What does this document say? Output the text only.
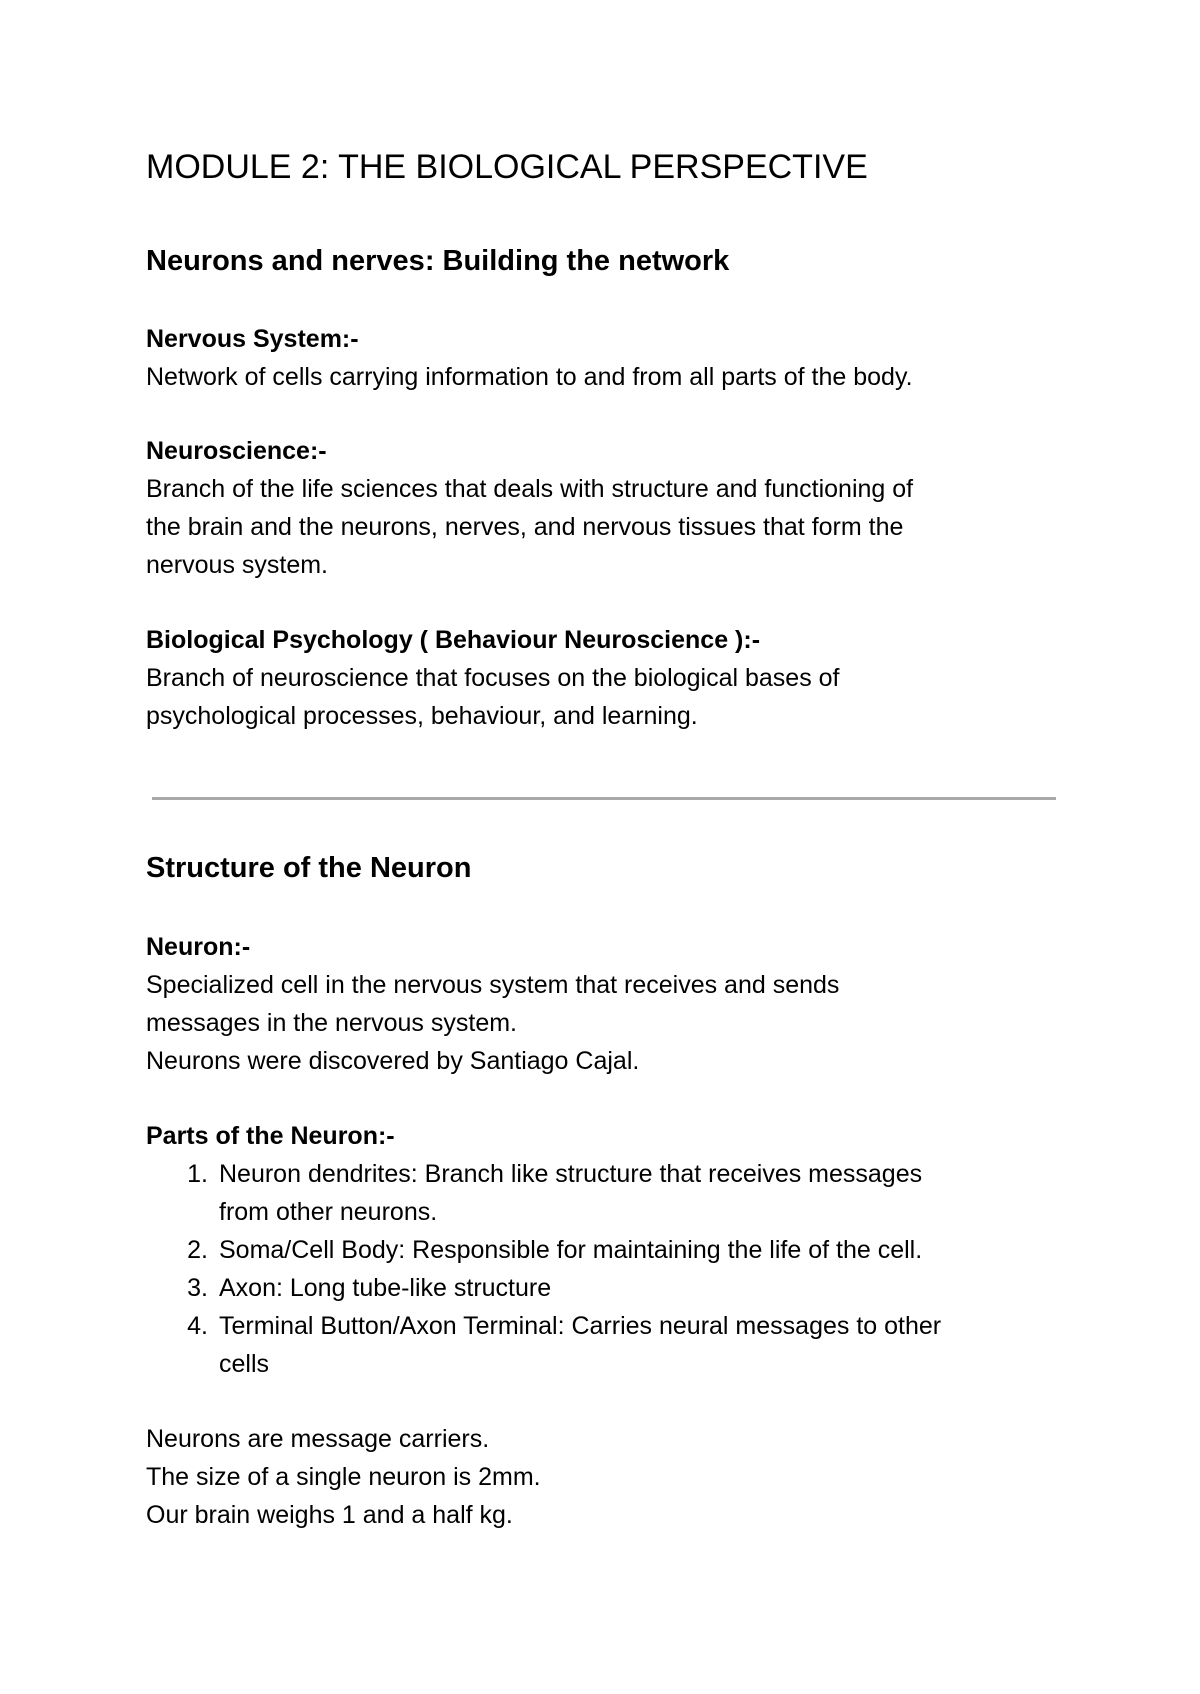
MODULE 2: THE BIOLOGICAL PERSPECTIVE
Neurons and nerves: Building the network

Nervous System:-

Network of cells carrying information to and from all parts of the body.

Neuroscience:-

Branch of the life sciences that deals with structure and functioning of

the brain and the neurons, nerves, and nervous tissues that form the

nervous system.

Biological Psychology ( Behaviour Neuroscience ):-

Branch of neuroscience that focuses on the biological bases of

psychological processes, behaviour, and learning.

Structure of the Neuron

Neuron:-

Specialized cell in the nervous system that receives and sends

messages in the nervous system.

Neurons were discovered by Santiago Cajal.

Parts of the Neuron:-

1. Neuron dendrites: Branch like structure that receives messages
from other neurons.
2. Soma/Cell Body: Responsible for maintaining the life of the cell.
3. Axon: Long tube-like structure
4. Terminal Button/Axon Terminal: Carries neural messages to other
cells

Neurons are message carriers.

The size of a single neuron is 2mm.

Our brain weighs 1 and a half kg.
